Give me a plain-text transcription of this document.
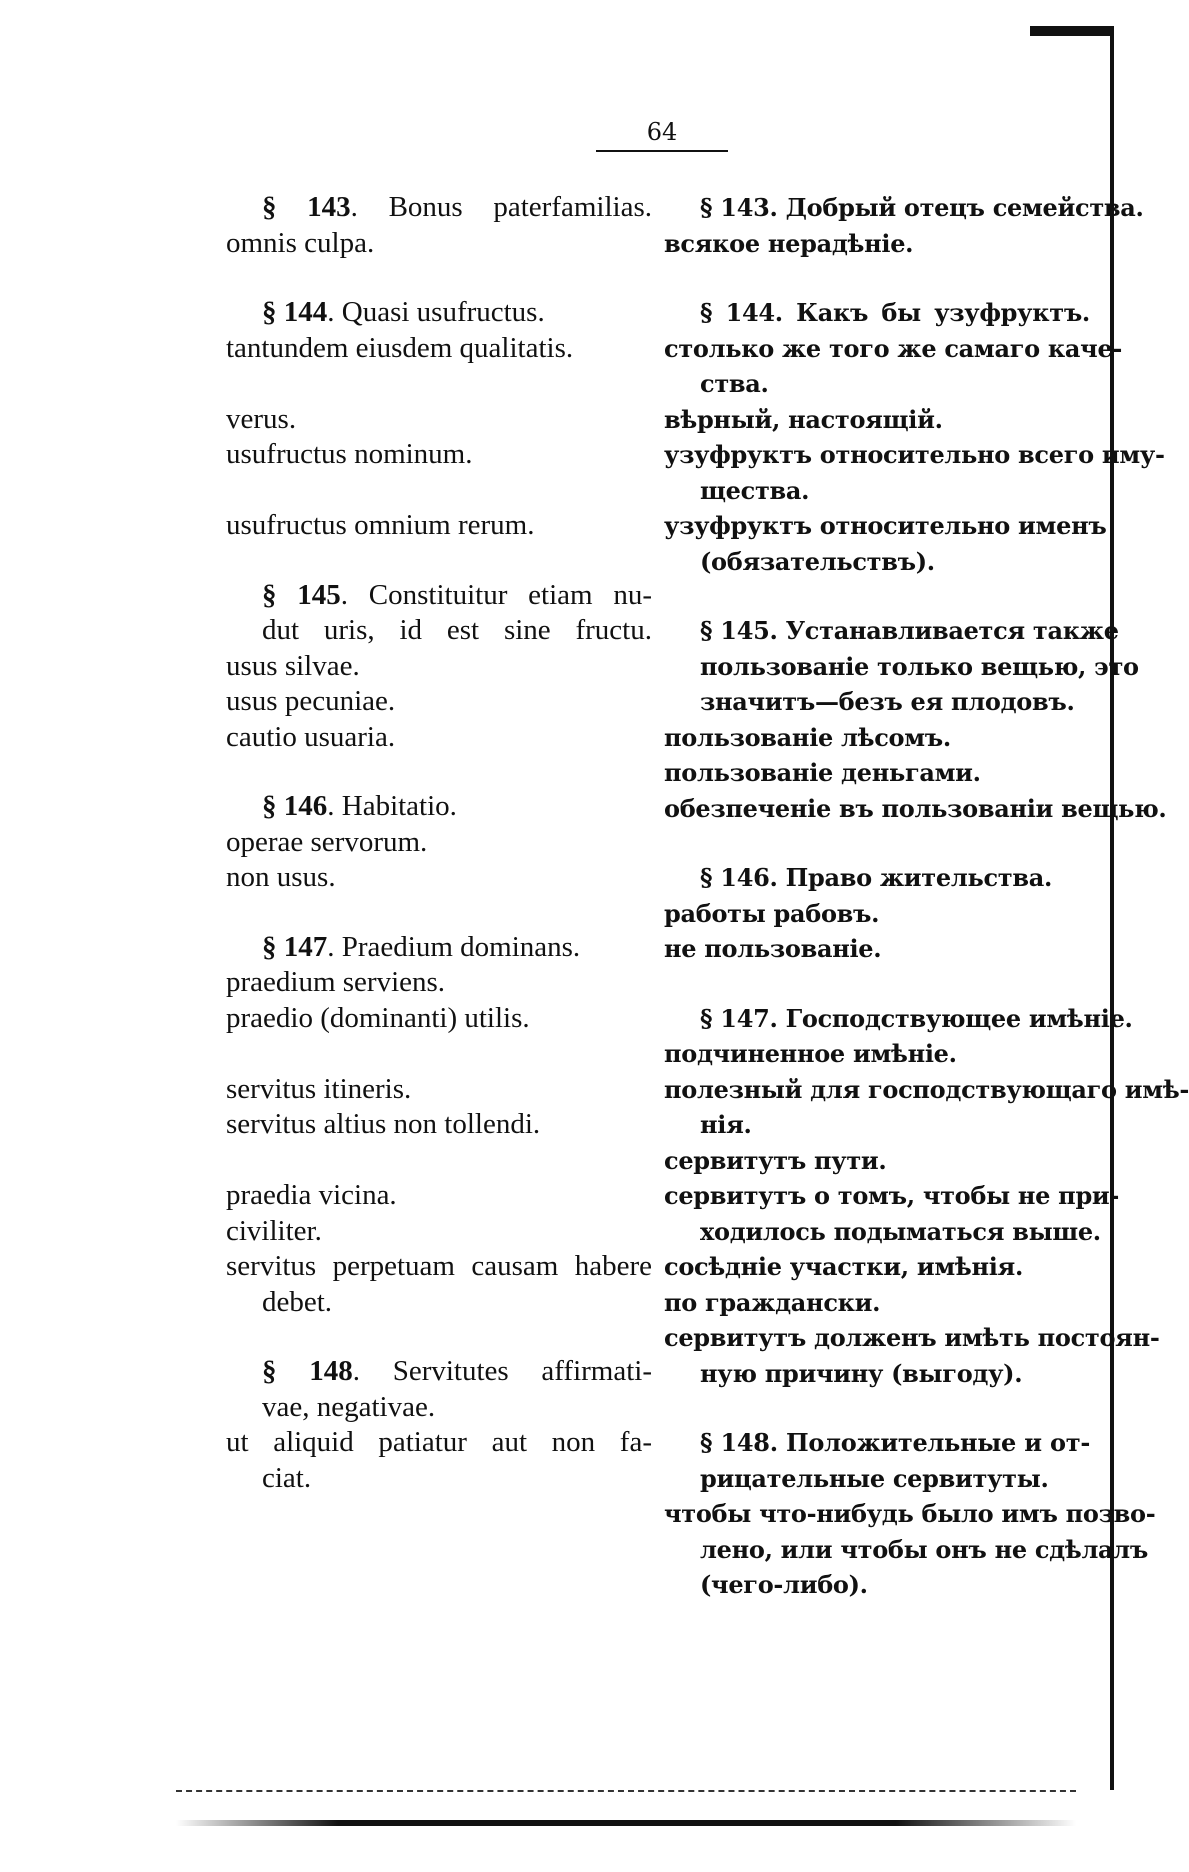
64
§ 143. Bonus paterfamilias.
omnis culpa.
§ 144. Quasi usufructus.
tantundem eiusdem qualitatis.

verus.
usufructus nominum.

usufructus omnium rerum.
§ 145. Constituitur etiam nu-
dut uris, id est sine fructu.
usus silvae.
usus pecuniae.
cautio usuaria.
§ 146. Habitatio.
operae servorum.
non usus.
§ 147. Praedium dominans.
praedium serviens.
praedio (dominanti) utilis.

servitus itineris.
servitus altius non tollendi.

praedia vicina.
civiliter.
servitus perpetuam causam habere
debet.
§ 148. Servitutes affirmati-
vae, negativae.
ut aliquid patiatur aut non fa-
ciat.
§ 143. Добрый отецъ семейства.
всякое нерадѣніе.
§ 144. Какъ бы узуфруктъ.
столько же того же самаго каче-
ства.
вѣрный, настоящій.
узуфруктъ относительно всего иму-
щества.
узуфруктъ относительно именъ
(обязательствъ).
§ 145. Устанавливается также
пользованіе только вещью, это
значитъ—безъ ея плодовъ.
пользованіе лѣсомъ.
пользованіе деньгами.
обезпеченіе въ пользованіи вещью.
§ 146. Право жительства.
работы рабовъ.
не пользованіе.
§ 147. Господствующее имѣніе.
подчиненное имѣніе.
полезный для господствующаго имѣ-
нія.
сервитутъ пути.
сервитутъ о томъ, чтобы не при-
ходилось подыматься выше.
сосѣдніе участки, имѣнія.
по граждански.
сервитутъ долженъ имѣть постоян-
ную причину (выгоду).
§ 148. Положительные и от-
рицательные сервитуты.
чтобы что-нибудь было имъ позво-
лено, или чтобы онъ не сдѣлалъ
(чего-либо).
